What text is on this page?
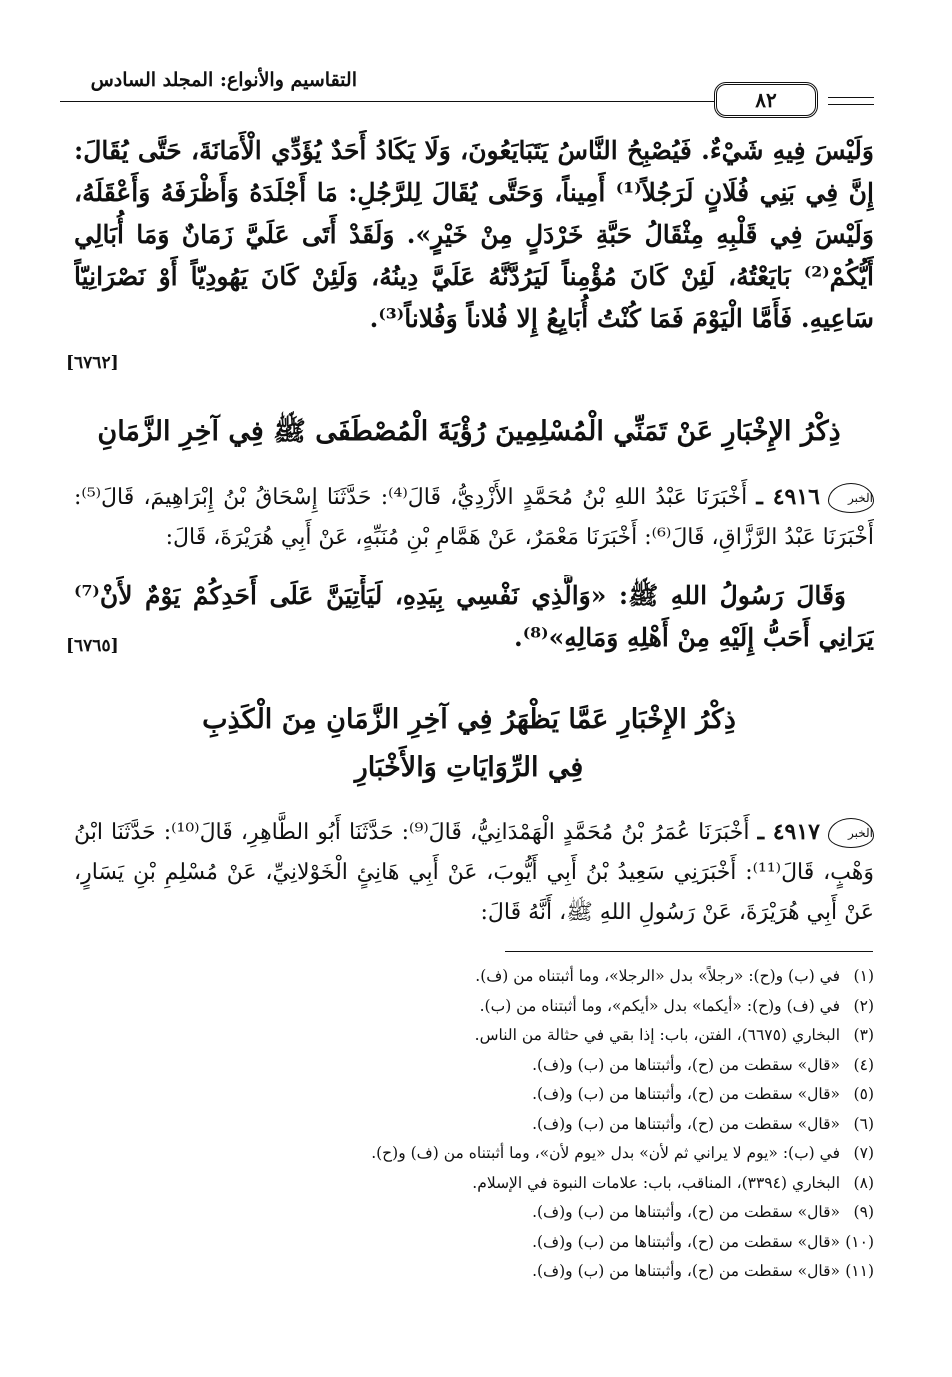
التقاسيم والأنواع: المجلد السادس
٨٢
وَلَيْسَ فِيهِ شَيْءٌ. فَيُصْبِحُ النَّاسُ يَتَبَايَعُونَ، وَلَا يَكَادُ أَحَدٌ يُؤَدِّي الْأَمَانَةَ، حَتَّى يُقَالَ: إِنَّ فِي بَنِي فُلَانٍ لَرَجُلاً⁽¹⁾ أَمِيناً، وَحَتَّى يُقَالَ لِلرَّجُلِ: مَا أَجْلَدَهُ وَأَظْرَفَهُ وَأَعْقَلَهُ، وَلَيْسَ فِي قَلْبِهِ مِثْقَالُ حَبَّةِ خَرْدَلٍ مِنْ خَيْرٍ». وَلَقَدْ أَتَى عَلَيَّ زَمَانٌ وَمَا أُبَالِي أَيُّكُمْ⁽²⁾ بَايَعْتُهُ، لَئِنْ كَانَ مُؤْمِناً لَيَرُدَّنَّهُ عَلَيَّ دِينُهُ، وَلَئِنْ كَانَ يَهُودِيّاً أَوْ نَصْرَانِيّاً سَاعِيهِ. فَأَمَّا الْيَوْمَ فَمَا كُنْتُ أُبَايِعُ إِلا فُلاناً وَفُلاناً⁽³⁾.
[٦٧٦٢]
ذِكْرُ الإِخْبَارِ عَنْ تَمَنِّي الْمُسْلِمِينَ رُؤْيَةَ الْمُصْطَفَى ﷺ فِي آخِرِ الزَّمَانِ
الخبر٤٩١٦ ـ أَخْبَرَنَا عَبْدُ اللهِ بْنُ مُحَمَّدٍ الأَزْدِيُّ، قَالَ⁽⁴⁾: حَدَّثَنَا إِسْحَاقُ بْنُ إِبْرَاهِيمَ، قَالَ⁽⁵⁾: أَخْبَرَنَا عَبْدُ الرَّزَّاقِ، قَالَ⁽⁶⁾: أَخْبَرَنَا مَعْمَرٌ، عَنْ هَمَّامِ بْنِ مُنَبِّهٍ، عَنْ أَبِي هُرَيْرَةَ، قَالَ:
وَقَالَ رَسُولُ اللهِ ﷺ: «وَالَّذِي نَفْسِي بِيَدِهِ، لَيَأْتِيَنَّ عَلَى أَحَدِكُمْ يَوْمٌ لأَنْ⁽⁷⁾ يَرَانِي أَحَبُّ إِلَيْهِ مِنْ أَهْلِهِ وَمَالِهِ»⁽⁸⁾.
[٦٧٦٥]
ذِكْرُ الإِخْبَارِ عَمَّا يَظْهَرُ فِي آخِرِ الزَّمَانِ مِنَ الْكَذِبِ
فِي الرِّوَايَاتِ وَالأَخْبَارِ
الخبر٤٩١٧ ـ أَخْبَرَنَا عُمَرُ بْنُ مُحَمَّدٍ الْهَمْدَانِيُّ، قَالَ⁽⁹⁾: حَدَّثَنَا أَبُو الطَّاهِرِ، قَالَ⁽¹⁰⁾: حَدَّثَنَا ابْنُ وَهْبٍ، قَالَ⁽¹¹⁾: أَخْبَرَنِي سَعِيدُ بْنُ أَبِي أَيُّوبَ، عَنْ أَبِي هَانِئٍ الْخَوْلانِيِّ، عَنْ مُسْلِمِ بْنِ يَسَارٍ، عَنْ أَبِي هُرَيْرَةَ، عَنْ رَسُولِ اللهِ ﷺ، أَنَّهُ قَالَ:
(١)
في (ب) و(ح): «رجلاً» بدل «الرجلا»، وما أثبتناه من (ف).
(٢)
في (ف) و(ح): «أيكما» بدل «أيكم»، وما أثبتناه من (ب).
(٣)
البخاري (٦٦٧٥)، الفتن، باب: إذا بقي في حثالة من الناس.
(٤)
«قال» سقطت من (ح)، وأثبتناها من (ب) و(ف).
(٥)
«قال» سقطت من (ح)، وأثبتناها من (ب) و(ف).
(٦)
«قال» سقطت من (ح)، وأثبتناها من (ب) و(ف).
(٧)
في (ب): «يوم لا يراني ثم لأن» بدل «يوم لأن»، وما أثبتناه من (ف) و(ح).
(٨)
البخاري (٣٣٩٤)، المناقب، باب: علامات النبوة في الإسلام.
(٩)
«قال» سقطت من (ح)، وأثبتناها من (ب) و(ف).
(١٠)
«قال» سقطت من (ح)، وأثبتناها من (ب) و(ف).
(١١)
«قال» سقطت من (ح)، وأثبتناها من (ب) و(ف).
